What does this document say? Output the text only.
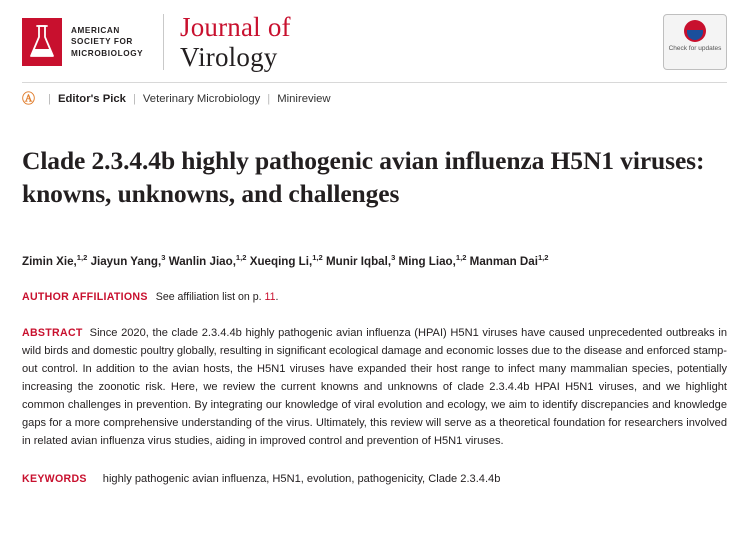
AMERICAN SOCIETY FOR MICROBIOLOGY
Journal of
Virology	Check for updates
Ⓐ | Editor's Pick | Veterinary Microbiology | Minireview
Clade 2.3.4.4b highly pathogenic avian influenza H5N1 viruses: knowns, unknowns, and challenges
Zimin Xie,$^{1,2}$ Jiayun Yang,$^3$ Wanlin Jiao,$^{1,2}$ Xueqing Li,$^{1,2}$ Munir Iqbal,$^3$ Ming Liao,$^{1,2}$ Manman Dai$^{1,2}$
AUTHOR AFFILIATIONS See affiliation list on p. 11.
ABSTRACT Since 2020, the clade 2.3.4.4b highly pathogenic avian influenza (HPAI) H5N1 viruses have caused unprecedented outbreaks in wild birds and domestic poultry globally, resulting in significant ecological damage and economic losses due to the disease and enforced stamp-out control. In addition to the avian hosts, the H5N1 viruses have expanded their host range to infect many mammalian species, potentially increasing the zoonotic risk. Here, we review the current knowns and unknowns of clade 2.3.4.4b HPAI H5N1 viruses, and we highlight common challenges in prevention. By integrating our knowledge of viral evolution and ecology, we aim to identify discrepancies and knowledge gaps for a more comprehensive understanding of the virus. Ultimately, this review will serve as a theoretical foundation for researchers involved in related avian influenza virus studies, aiding in improved control and prevention of H5N1 viruses.
KEYWORDS highly pathogenic avian influenza, H5N1, evolution, pathogenicity, Clade 2.3.4.4b
